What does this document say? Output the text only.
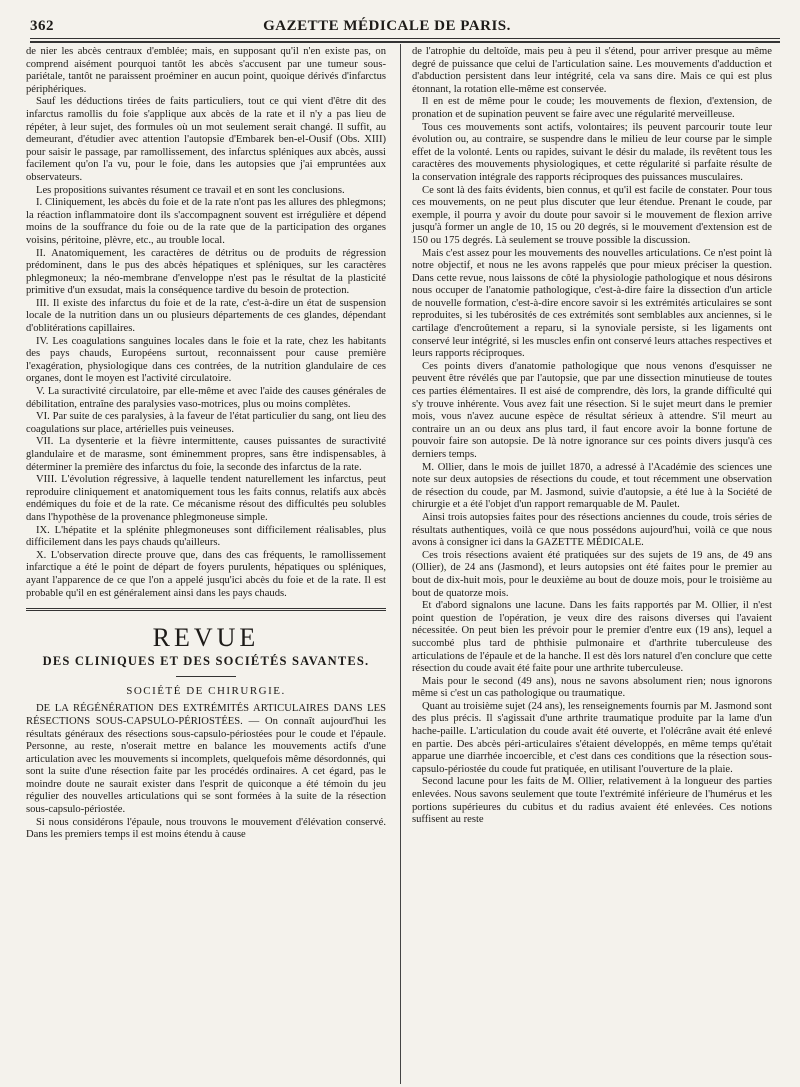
362	GAZETTE MÉDICALE DE PARIS.

de nier les abcès centraux d'emblée; mais, en supposant qu'il n'en existe pas, on comprend aisément pourquoi tantôt les abcès s'accusent par une tumeur sous-pariétale, tantôt ne paraissent proéminer en aucun point, quoique dérivés d'infarctus périphériques.

Sauf les déductions tirées de faits particuliers, tout ce qui vient d'être dit des infarctus ramollis du foie s'applique aux abcès de la rate et il n'y a pas lieu de répéter, à leur sujet, des formules où un mot seulement serait changé. Il suffit, au demeurant, d'étudier avec attention l'autopsie d'Embarek ben-el-Ousif (Obs. XIII) pour saisir le passage, par ramollissement, des infarctus spléniques aux abcès, aussi facilement qu'on l'a vu, pour le foie, dans les autopsies que j'ai empruntées aux observateurs.

Les propositions suivantes résument ce travail et en sont les conclusions.

I. Cliniquement, les abcès du foie et de la rate n'ont pas les allures des phlegmons; la réaction inflammatoire dont ils s'accompagnent souvent est irrégulière et dépend moins de la souffrance du foie ou de la rate que de la participation des organes voisins, péritoine, plèvre, etc., au trouble local.

II. Anatomiquement, les caractères de détritus ou de produits de régression prédominent, dans le pus des abcès hépatiques et spléniques, sur les caractères phlegmoneux; la néo-membrane d'enveloppe n'est pas le résultat de la plasticité primitive d'un exsudat, mais la conséquence tardive du besoin de protection.

III. Il existe des infarctus du foie et de la rate, c'est-à-dire un état de suspension locale de la nutrition dans un ou plusieurs départements de ces glandes, dépendant d'oblitérations capillaires.

IV. Les coagulations sanguines locales dans le foie et la rate, chez les habitants des pays chauds, Européens surtout, reconnaissent pour cause première l'exagération, physiologique dans ces contrées, de la nutrition glandulaire de ces organes, dont le moyen est l'activité circulatoire.

V. La suractivité circulatoire, par elle-même et avec l'aide des causes générales de débilitation, entraîne des paralysies vaso-motrices, plus ou moins complètes.

VI. Par suite de ces paralysies, à la faveur de l'état particulier du sang, ont lieu des coagulations sur place, artérielles puis veineuses.

VII. La dysenterie et la fièvre intermittente, causes puissantes de suractivité glandulaire et de marasme, sont éminemment propres, sans être indispensables, à déterminer la première des infarctus du foie, la seconde des infarctus de la rate.

VIII. L'évolution régressive, à laquelle tendent naturellement les infarctus, peut reproduire cliniquement et anatomiquement tous les faits connus, relatifs aux abcès endémiques du foie et de la rate. Ce mécanisme résout des difficultés peu solubles dans l'hypothèse de la provenance phlegmoneuse simple.

IX. L'hépatite et la splénite phlegmoneuses sont difficilement réalisables, plus difficilement dans les pays chauds qu'ailleurs.

X. L'observation directe prouve que, dans des cas fréquents, le ramollissement infarctique a été le point de départ de foyers purulents, hépatiques ou spléniques, ayant l'apparence de ce que l'on a appelé jusqu'ici abcès du foie et de la rate. Il est probable qu'il en est généralement ainsi dans les pays chauds.

REVUE
DES CLINIQUES ET DES SOCIÉTÉS SAVANTES.
SOCIÉTÉ DE CHIRURGIE.

DE LA RÉGÉNÉRATION DES EXTRÉMITÉS ARTICULAIRES DANS LES RÉSECTIONS SOUS-CAPSULO-PÉRIOSTÉES. — On connaît aujourd'hui les résultats généraux des résections sous-capsulo-périostées pour le coude et l'épaule. Personne, au reste, n'oserait mettre en balance les mouvements actifs d'une articulation avec les mouvements si incomplets, quelquefois même désordonnés, qui sont la suite d'une résection faite par les procédés ordinaires. A cet égard, pas le moindre doute ne saurait exister dans l'esprit de quiconque a été témoin du jeu régulier des nouvelles articulations qui se sont formées à la suite de la résection sous-capsulo-périostée.

Si nous considérons l'épaule, nous trouvons le mouvement d'élévation conservé. Dans les premiers temps il est moins étendu à cause

de l'atrophie du deltoïde, mais peu à peu il s'étend, pour arriver presque au même degré de puissance que celui de l'articulation saine. Les mouvements d'adduction et d'abduction persistent dans leur intégrité, cela va sans dire. Mais ce qui est plus étonnant, la rotation elle-même est conservée.

Il en est de même pour le coude; les mouvements de flexion, d'extension, de pronation et de supination peuvent se faire avec une régularité merveilleuse.

Tous ces mouvements sont actifs, volontaires; ils peuvent parcourir toute leur évolution ou, au contraire, se suspendre dans le milieu de leur course par le simple effet de la volonté. Lents ou rapides, suivant le désir du malade, ils revêtent tous les caractères des mouvements physiologiques, et cette régularité si parfaite résulte de la conservation intégrale des rapports réciproques des puissances musculaires.

Ce sont là des faits évidents, bien connus, et qu'il est facile de constater. Pour tous ces mouvements, on ne peut plus discuter que leur étendue. Prenant le coude, par exemple, il pourra y avoir du doute pour savoir si le mouvement de flexion arrive jusqu'à former un angle de 10, 15 ou 20 degrés, si le mouvement d'extension est de 150 ou 175 degrés. Là seulement se trouve possible la discussion.

Mais c'est assez pour les mouvements des nouvelles articulations. Ce n'est point là notre objectif, et nous ne les avons rappelés que pour mieux préciser la question. Dans cette revue, nous laissons de côté la physiologie pathologique et nous désirons nous occuper de l'anatomie pathologique, c'est-à-dire faire la dissection d'un article de nouvelle formation, c'est-à-dire encore savoir si les extrémités articulaires se sont reproduites, si les tubérosités de ces extrémités sont semblables aux anciennes, si le cartilage d'encroûtement a reparu, si la synoviale persiste, si les ligaments ont conservé leur intégrité, si les muscles enfin ont conservé leurs attaches respectives et leurs rapports réciproques.

Ces points divers d'anatomie pathologique que nous venons d'esquisser ne peuvent être révélés que par l'autopsie, que par une dissection minutieuse de toutes ces parties élémentaires. Il est aisé de comprendre, dès lors, la grande difficulté qui s'y trouve inhérente. Vous avez fait une résection. Si le sujet meurt dans le premier mois, vous n'avez aucune espèce de résultat sérieux à attendre. S'il meurt au contraire un an ou deux ans plus tard, il faut encore avoir la bonne fortune de pouvoir faire son autopsie. De là notre ignorance sur ces points divers jusqu'à ces derniers temps.

M. Ollier, dans le mois de juillet 1870, a adressé à l'Académie des sciences une note sur deux autopsies de résections du coude, et tout récemment une observation de résection du coude, par M. Jasmond, suivie d'autopsie, a été lue à la Société de chirurgie et a été l'objet d'un rapport remarquable de M. Paulet.

Ainsi trois autopsies faites pour des résections anciennes du coude, trois séries de résultats authentiques, voilà ce que nous possédons aujourd'hui, voilà ce que nous avons à consigner ici dans la GAZETTE MÉDICALE.

Ces trois résections avaient été pratiquées sur des sujets de 19 ans, de 49 ans (Ollier), de 24 ans (Jasmond), et leurs autopsies ont été faites pour le premier au bout de dix-huit mois, pour le deuxième au bout de douze mois, pour le troisième au bout de quatorze mois.

Et d'abord signalons une lacune. Dans les faits rapportés par M. Ollier, il n'est point question de l'opération, je veux dire des raisons diverses qui l'avaient nécessitée. On peut bien les prévoir pour le premier d'entre eux (19 ans), lequel a succombé plus tard de phthisie pulmonaire et d'arthrite tuberculeuse des articulations de l'épaule et de la hanche. Il est dès lors naturel d'en conclure que cette résection du coude avait été faite pour une arthrite tuberculeuse.

Mais pour le second (49 ans), nous ne savons absolument rien; nous ignorons même si c'est un cas pathologique ou traumatique.

Quant au troisième sujet (24 ans), les renseignements fournis par M. Jasmond sont des plus précis. Il s'agissait d'une arthrite traumatique produite par la lame d'un hache-paille. L'articulation du coude avait été ouverte, et l'olécrâne avait été enlevé en partie. Des abcès péri-articulaires s'étaient développés, en même temps qu'était apparue une diarrhée incoercible, et c'est dans ces conditions que la résection sous-capsulo-périostée du coude fut pratiquée, en utilisant l'ouverture de la plaie.

Second lacune pour les faits de M. Ollier, relativement à la longueur des parties enlevées. Nous savons seulement que toute l'extrémité inférieure de l'humérus et les portions supérieures du cubitus et du radius avaient été enlevées. Ces notions suffisent au reste
